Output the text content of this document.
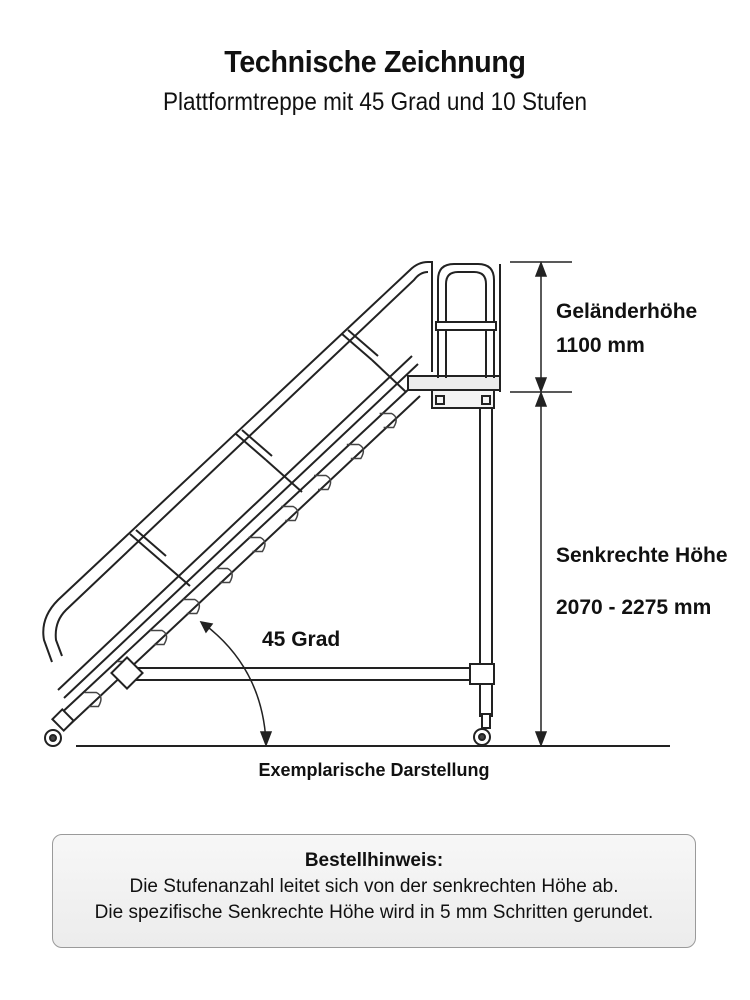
Technische Zeichnung
Plattformtreppe mit 45 Grad und 10 Stufen
Geländerhöhe
1100 mm
Senkrechte Höhe
2070 - 2275 mm
45 Grad
Exemplarische Darstellung
Bestellhinweis:
Die Stufenanzahl leitet sich von der senkrechten Höhe ab.
Die spezifische Senkrechte Höhe wird in 5 mm Schritten gerundet.
